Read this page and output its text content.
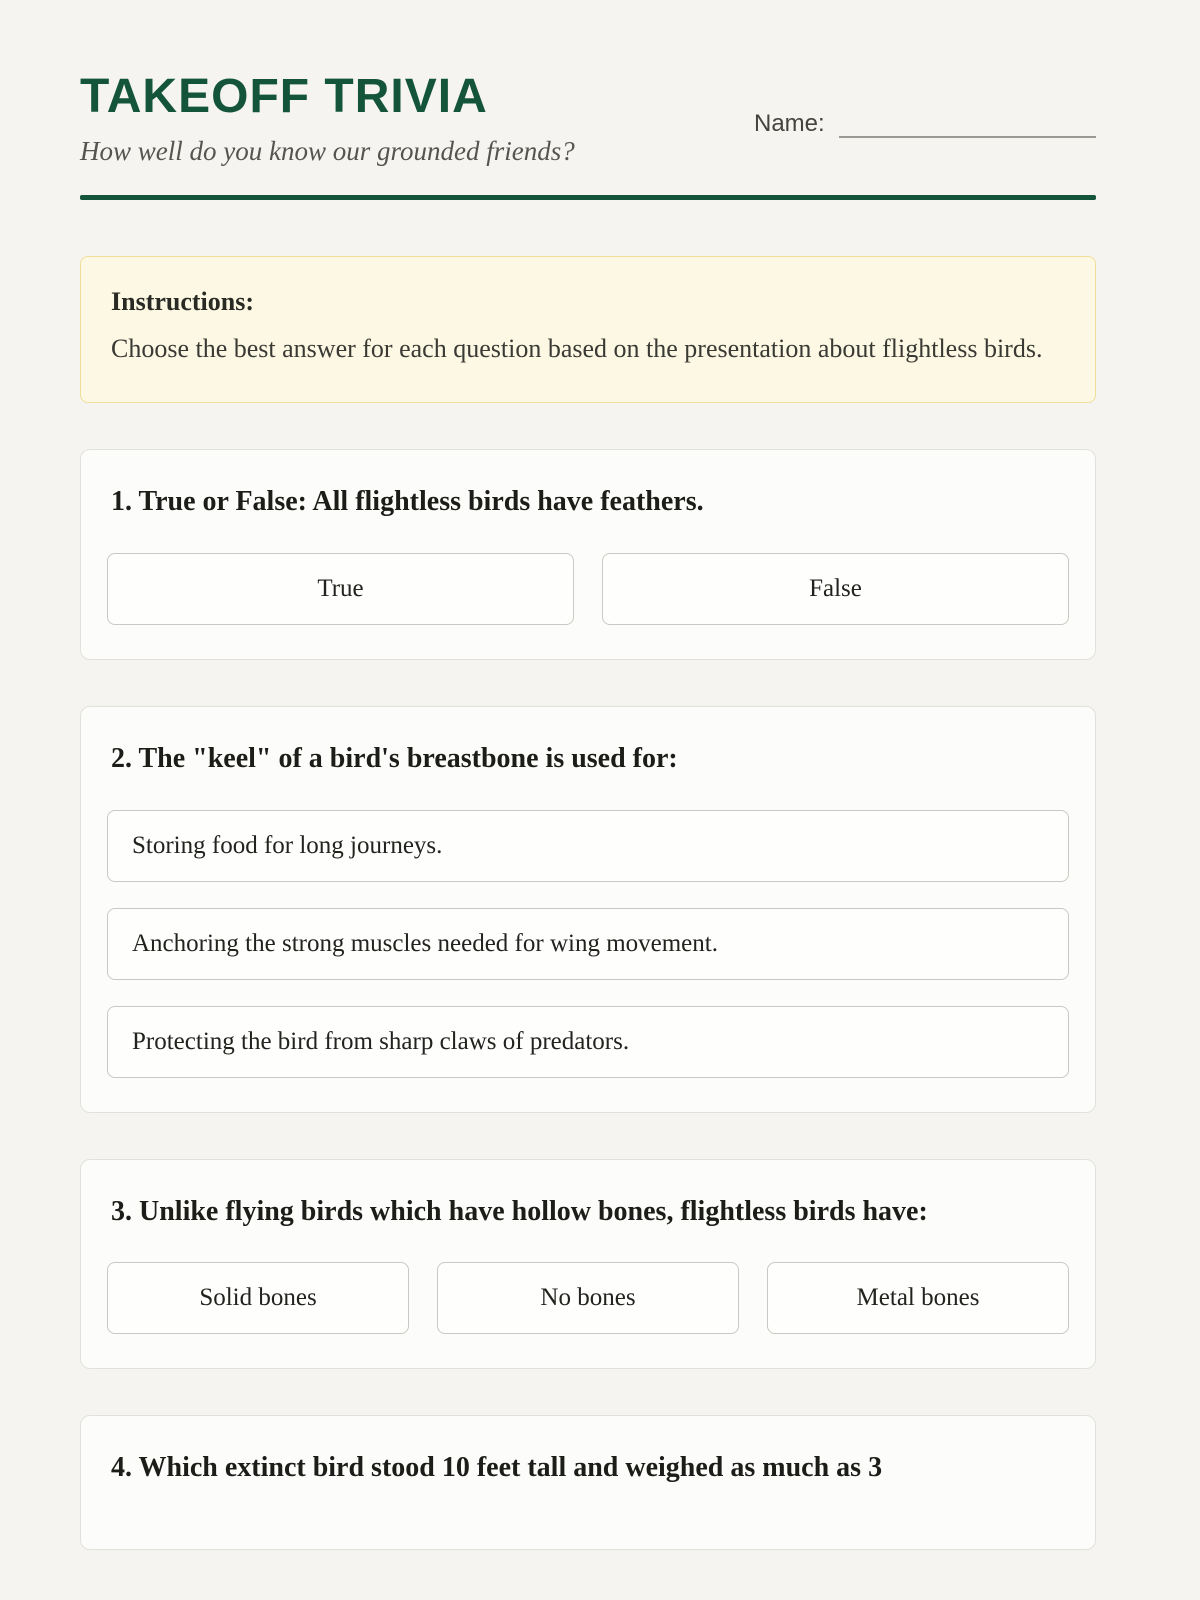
TAKEOFF TRIVIA
How well do you know our grounded friends?
Name:
Instructions:
Choose the best answer for each question based on the presentation about flightless birds.

1. True or False: All flightless birds have feathers.

True	False

2. The "keel" of a bird's breastbone is used for:

Storing food for long journeys.
Anchoring the strong muscles needed for wing movement.
Protecting the bird from sharp claws of predators.

3. Unlike flying birds which have hollow bones, flightless birds have:

Solid bones	No bones	Metal bones

4. Which extinct bird stood 10 feet tall and weighed as much as 3
